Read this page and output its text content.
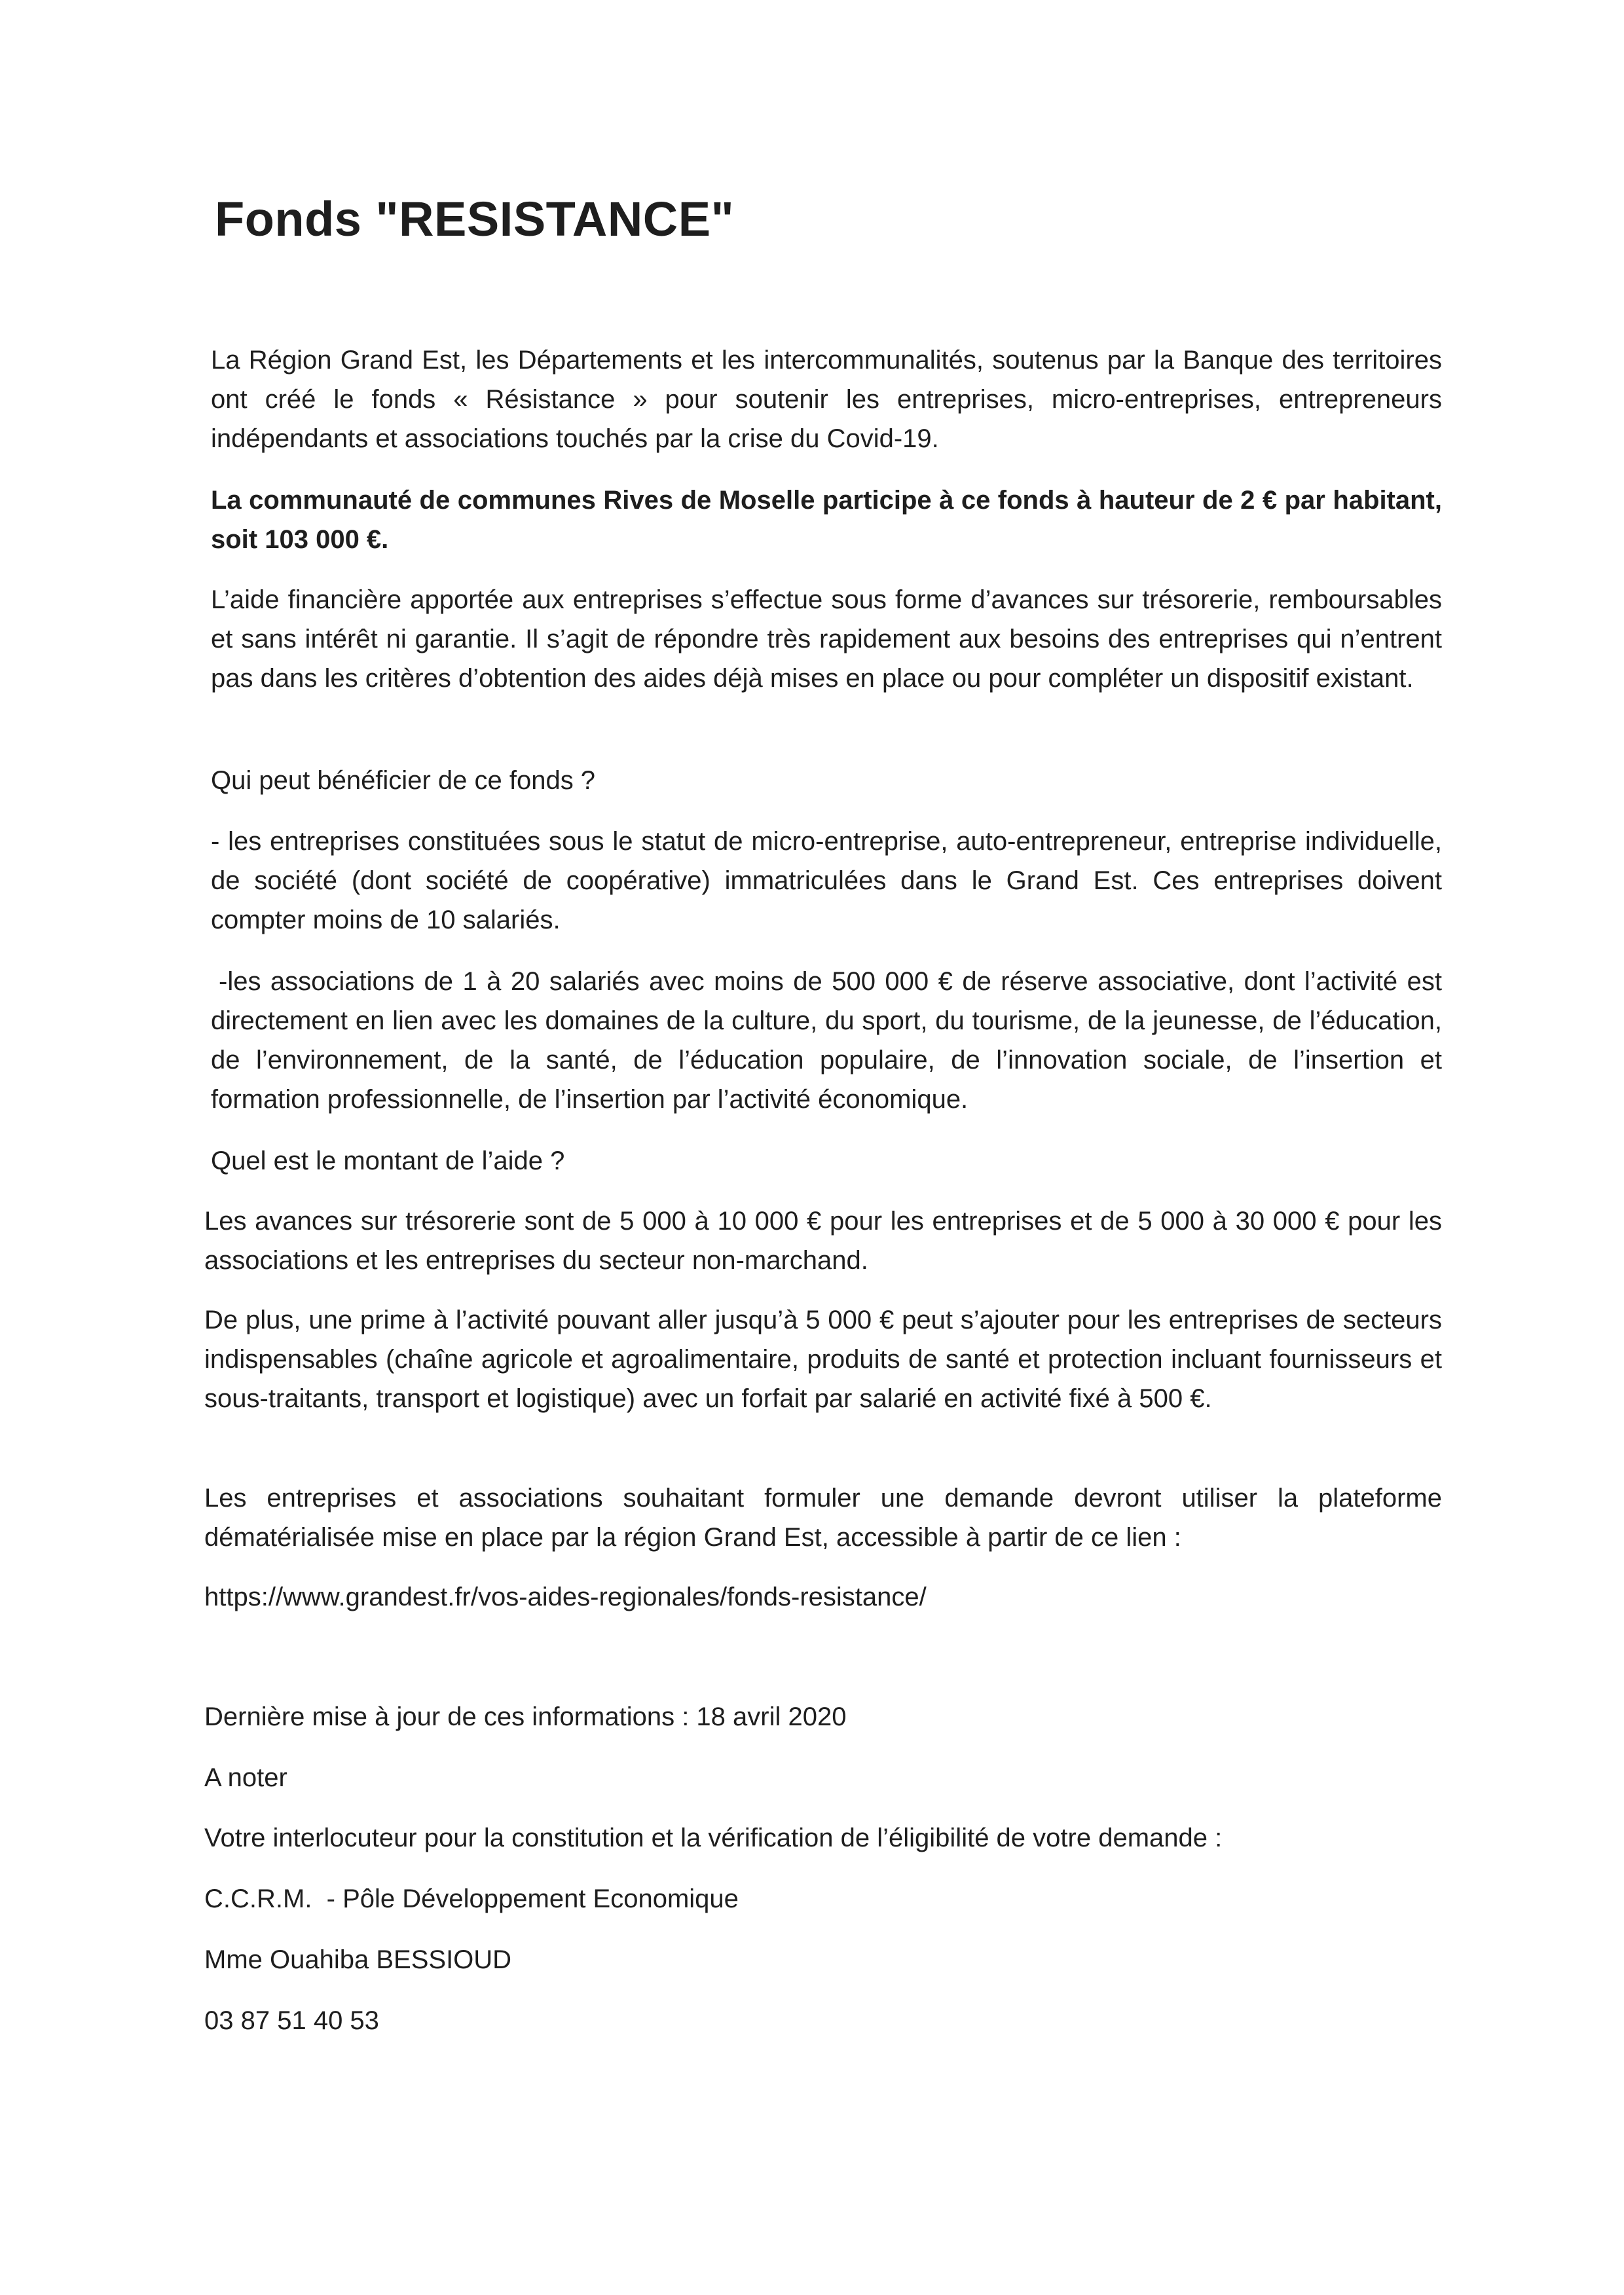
Fonds "RESISTANCE"

La Région Grand Est, les Départements et les intercommunalités, soutenus par la Banque des territoires ont créé le fonds « Résistance » pour soutenir les entreprises, micro-entreprises, entrepreneurs indépendants et associations touchés par la crise du Covid-19.

La communauté de communes Rives de Moselle participe à ce fonds à hauteur de 2 € par habitant, soit 103 000 €.

L’aide financière apportée aux entreprises s’effectue sous forme d’avances sur trésorerie, remboursables et sans intérêt ni garantie. Il s’agit de répondre très rapidement aux besoins des entreprises qui n’entrent pas dans les critères d’obtention des aides déjà mises en place ou pour compléter un dispositif existant.

Qui peut bénéficier de ce fonds ?

- les entreprises constituées sous le statut de micro-entreprise, auto-entrepreneur, entreprise individuelle, de société (dont société de coopérative) immatriculées dans le Grand Est. Ces entreprises doivent compter moins de 10 salariés.

-les associations de 1 à 20 salariés avec moins de 500 000 € de réserve associative, dont l’activité est directement en lien avec les domaines de la culture, du sport, du tourisme, de la jeunesse, de l’éducation, de l’environnement, de la santé, de l’éducation populaire, de l’innovation sociale, de l’insertion et formation professionnelle, de l’insertion par l’activité économique.

Quel est le montant de l’aide ?

Les avances sur trésorerie sont de 5 000 à 10 000 € pour les entreprises et de 5 000 à 30 000 € pour les associations et les entreprises du secteur non-marchand.

De plus, une prime à l’activité pouvant aller jusqu’à 5 000 € peut s’ajouter pour les entreprises de secteurs indispensables (chaîne agricole et agroalimentaire, produits de santé et protection incluant fournisseurs et sous-traitants, transport et logistique) avec un forfait par salarié en activité fixé à 500 €.

Les entreprises et associations souhaitant formuler une demande devront utiliser la plateforme dématérialisée mise en place par la région Grand Est, accessible à partir de ce lien :

https://www.grandest.fr/vos-aides-regionales/fonds-resistance/

Dernière mise à jour de ces informations : 18 avril 2020

A noter

Votre interlocuteur pour la constitution et la vérification de l’éligibilité de votre demande :

C.C.R.M.  - Pôle Développement Economique

Mme Ouahiba BESSIOUD

03 87 51 40 53
